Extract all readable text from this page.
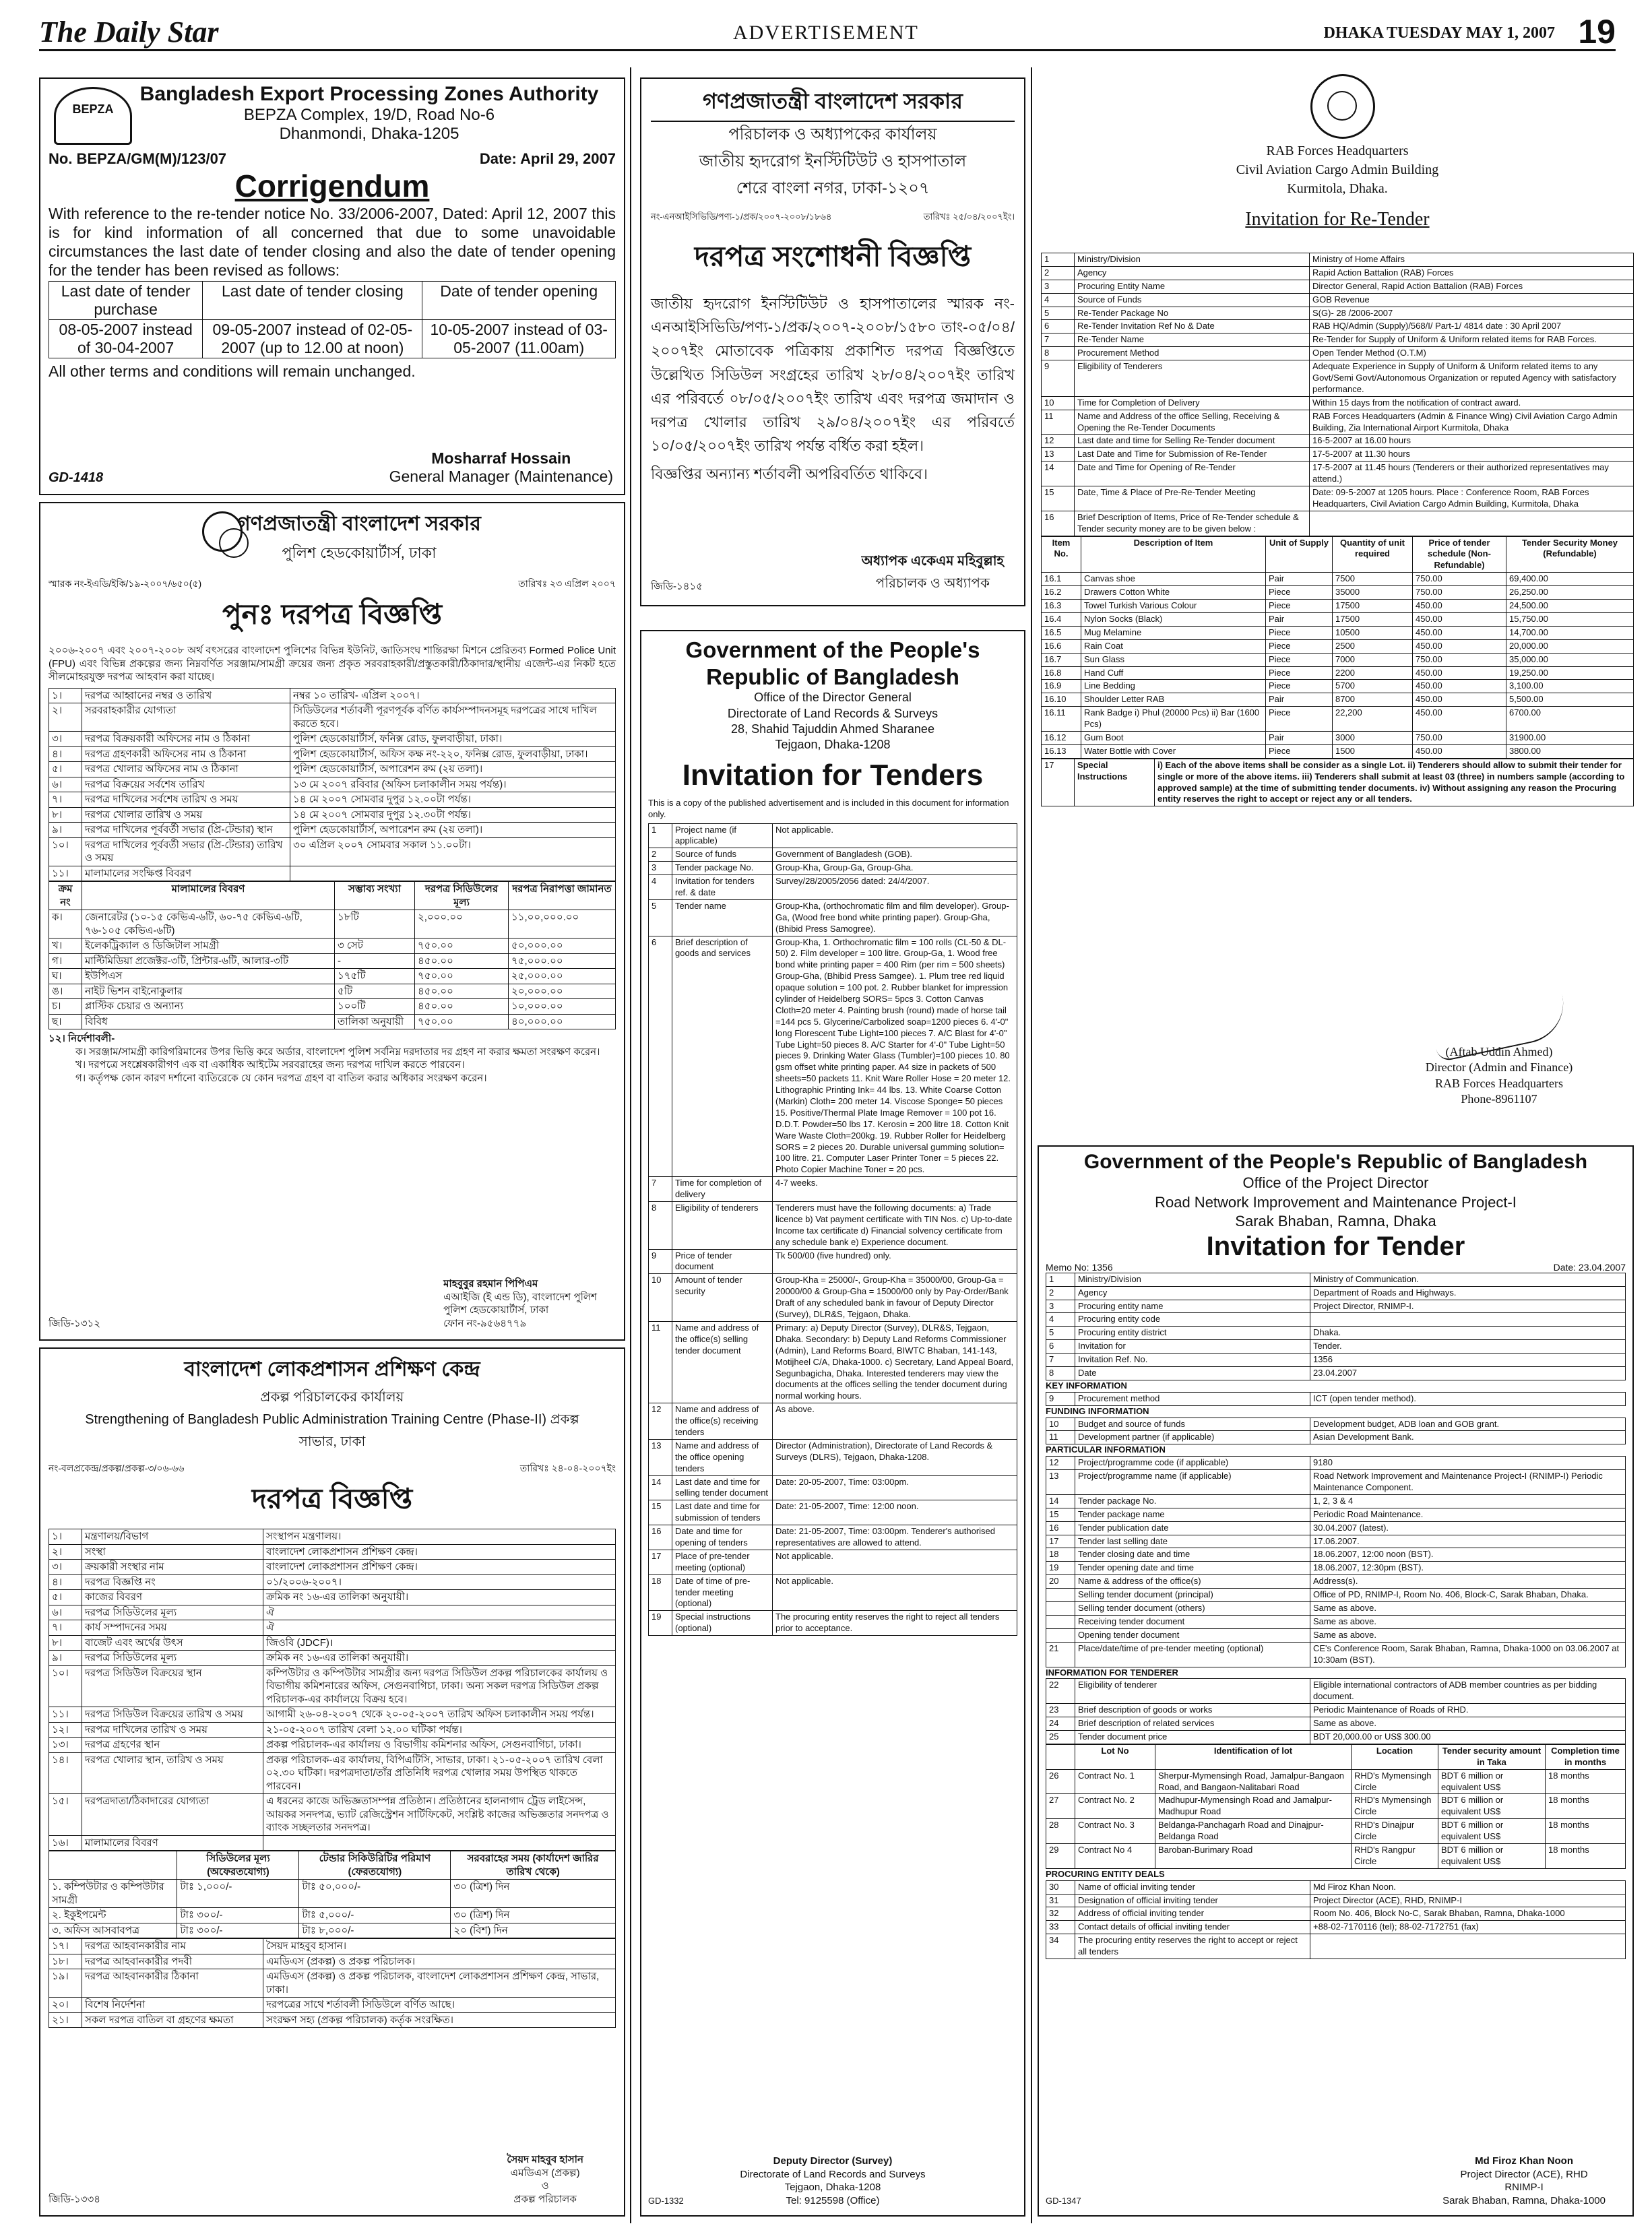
The Daily Star	ADVERTISEMENT	DHAKA TUESDAY MAY 1, 2007 19
BEPZA
Bangladesh Export Processing Zones Authority
BEPZA Complex, 19/D, Road No-6
Dhanmondi, Dhaka-1205
No. BEPZA/GM(M)/123/07	Date: April 29, 2007
Corrigendum
With reference to the re-tender notice No. 33/2006-2007, Dated: April 12, 2007 this is for kind information of all concerned that due to some unavoidable circumstances the last date of tender closing and also the date of tender opening for the tender has been revised as follows:
Last date of tender purchase	Last date of tender closing	Date of tender opening
08-05-2007 instead of 30-04-2007	09-05-2007 instead of 02-05-2007 (up to 12.00 at noon)	10-05-2007 instead of 03-05-2007 (11.00am)
All other terms and conditions will remain unchanged.
Mosharraf Hossain
General Manager (Maintenance)
GD-1418
গণপ্রজাতন্ত্রী বাংলাদেশ সরকার
পুলিশ হেডকোয়ার্টার্স, ঢাকা
স্মারক নং-ইএডি/ইকি/১৯-২০০৭/৬৫০(৫)	তারিখঃ ২৩ এপ্রিল ২০০৭
পুনঃ দরপত্র বিজ্ঞপ্তি
২০০৬-২০০৭ এবং ২০০৭-২০০৮ অর্থ বৎসরের বাংলাদেশ পুলিশের বিভিন্ন ইউনিট, জাতিসংঘ শান্তিরক্ষা মিশনে প্রেরিতব্য Formed Police Unit (FPU) এবং বিভিন্ন প্রকল্পের জন্য নিম্নবর্ণিত সরঞ্জাম/সামগ্রী ক্রয়ের জন্য প্রকৃত সরবরাহকারী/প্রস্তুতকারী/ঠিকাদার/স্থানীয় এজেন্ট-এর নিকট হতে সীলমোহরযুক্ত দরপত্র আহবান করা যাচ্ছে।
১।	দরপত্র আহ্বানের নম্বর ও তারিখ	নম্বর ১০ তারিখ- এপ্রিল ২০০৭।
২।	সরবরাহকারীর যোগ্যতা	সিডিউলের শর্তাবলী পূরণপূর্বক বর্ণিত কার্যসম্পাদনসমূহ দরপত্রের সাথে দাখিল করতে হবে।
৩।	দরপত্র বিক্রয়কারী অফিসের নাম ও ঠিকানা	পুলিশ হেডকোয়ার্টার্স, ফনিক্স রোড, ফুলবাড়ীয়া, ঢাকা।
৪।	দরপত্র গ্রহণকারী অফিসের নাম ও ঠিকানা	পুলিশ হেডকোয়ার্টার্স, অফিস কক্ষ নং-২২০, ফনিক্স রোড, ফুলবাড়ীয়া, ঢাকা।
৫।	দরপত্র খোলার অফিসের নাম ও ঠিকানা	পুলিশ হেডকোয়ার্টার্স, অপারেশন রুম (২য় তলা)।
৬।	দরপত্র বিক্রয়ের সর্বশেষ তারিখ	১৩ মে ২০০৭ রবিবার (অফিস চলাকালীন সময় পর্যন্ত)।
৭।	দরপত্র দাখিলের সর্বশেষ তারিখ ও সময়	১৪ মে ২০০৭ সোমবার দুপুর ১২.০০টা পর্যন্ত।
৮।	দরপত্র খোলার তারিখ ও সময়	১৪ মে ২০০৭ সোমবার দুপুর ১২.৩০টা পর্যন্ত।
৯।	দরপত্র দাখিলের পূর্ববর্তী সভার (প্রি-টেন্ডার) স্থান	পুলিশ হেডকোয়ার্টার্স, অপারেশন রুম (২য় তলা)।
১০।	দরপত্র দাখিলের পূর্ববর্তী সভার (প্রি-টেন্ডার) তারিখ ও সময়	৩০ এপ্রিল ২০০৭ সোমবার সকাল ১১.০০টা।
১১।	মালামালের সংক্ষিপ্ত বিবরণ	
ক্রম নং	মালামালের বিবরণ	সম্ভাব্য সংখ্যা	দরপত্র সিডিউলের মূল্য	দরপত্র নিরাপত্তা জামানত
ক।	জেনারেটর (১০-১৫ কেভিএ-৬টি, ৬০-৭৫ কেভিএ-৬টি, ৭৬-১০৫ কেভিএ-৬টি)	১৮টি	২,০০০.০০	১১,০০,০০০.০০
খ।	ইলেকট্রিক্যাল ও ডিজিটাল সামগ্রী	৩ সেট	৭৫০.০০	৫০,০০০.০০
গ।	মাল্টিমিডিয়া প্রজেক্টর-৩টি, প্রিন্টার-৬টি, আলার-৩টি	-	৪৫০.০০	৭৫,০০০.০০
ঘ।	ইউপিএস	১৭৫টি	৭৫০.০০	২৫,০০০.০০
ঙ।	নাইট ভিশন বাইনোকুলার	৫টি	৪৫০.০০	২০,০০০.০০
চ।	প্লাস্টিক চেয়ার ও অন্যান্য	১০০টি	৪৫০.০০	১০,০০০.০০
ছ।	বিবিধ	তালিকা অনুযায়ী	৭৫০.০০	৪০,০০০.০০
১২। নির্দেশাবলী-
ক। সরঞ্জাম/সামগ্রী কারিগরিমানের উপর ভিত্তি করে অর্ডার, বাংলাদেশ পুলিশ সর্বনিম্ন দরদাতার দর গ্রহণ না করার ক্ষমতা সংরক্ষণ করেন।
খ। দরপত্রে সংশ্লেষকারীগণ এক বা একাধিক আইটেম সরবরাহের জন্য দরপত্র দাখিল করতে পারবেন।
গ। কর্তৃপক্ষ কোন কারণ দর্শানো ব্যতিরেকে যে কোন দরপত্র গ্রহণ বা বাতিল করার অধিকার সংরক্ষণ করেন।
মাহবুবুর রহমান পিপিএম
এআইজি (ই এন্ড ডি), বাংলাদেশ পুলিশ
পুলিশ হেডকোয়ার্টার্স, ঢাকা
ফোন নং-৯৫৬৪৭৭৯
জিডি-১৩১২
বাংলাদেশ লোকপ্রশাসন প্রশিক্ষণ কেন্দ্র
প্রকল্প পরিচালকের কার্যালয়
Strengthening of Bangladesh Public Administration Training Centre (Phase-II) প্রকল্প
সাভার, ঢাকা
নং-বলপ্রকেন্দ্র/প্রকল্প/প্রকল্প-৩/০৬-৬৬	তারিখঃ ২৪-০৪-২০০৭ইং
দরপত্র বিজ্ঞপ্তি
১।	মন্ত্রণালয়/বিভাগ	সংস্থাপন মন্ত্রণালয়।
২।	সংস্থা	বাংলাদেশ লোকপ্রশাসন প্রশিক্ষণ কেন্দ্র।
৩।	ক্রয়কারী সংস্থার নাম	বাংলাদেশ লোকপ্রশাসন প্রশিক্ষণ কেন্দ্র।
৪।	দরপত্র বিজ্ঞপ্তি নং	০১/২০০৬-২০০৭।
৫।	কাজের বিবরণ	ক্রমিক নং ১৬-এর তালিকা অনুযায়ী।
৬।	দরপত্র সিডিউলের মূল্য	ঐ
৭।	কার্য সম্পাদনের সময়	ঐ
৮।	বাজেট এবং অর্থের উৎস	জিওবি (JDCF)।
৯।	দরপত্র সিডিউলের মূল্য	ক্রমিক নং ১৬-এর তালিকা অনুযায়ী।
১০।	দরপত্র সিডিউল বিক্রয়ের স্থান	কম্পিউটার ও কম্পিউটার সামগ্রীর জন্য দরপত্র সিডিউল প্রকল্প পরিচালকের কার্যালয় ও বিভাগীয় কমিশনারের অফিস, সেগুনবাগিচা, ঢাকা। অন্য সকল দরপত্র সিডিউল প্রকল্প পরিচালক-এর কার্যালয়ে বিক্রয় হবে।
১১।	দরপত্র সিডিউল বিক্রয়ের তারিখ ও সময়	আগামী ২৬-০৪-২০০৭ থেকে ২০-০৫-২০০৭ তারিখ অফিস চলাকালীন সময় পর্যন্ত।
১২।	দরপত্র দাখিলের তারিখ ও সময়	২১-০৫-২০০৭ তারিখ বেলা ১২.০০ ঘটিকা পর্যন্ত।
১৩।	দরপত্র গ্রহণের স্থান	প্রকল্প পরিচালক-এর কার্যালয় ও বিভাগীয় কমিশনার অফিস, সেগুনবাগিচা, ঢাকা।
১৪।	দরপত্র খোলার স্থান, তারিখ ও সময়	প্রকল্প পরিচালক-এর কার্যালয়, বিপিএটিসি, সাভার, ঢাকা। ২১-০৫-২০০৭ তারিখ বেলা ০২.৩০ ঘটিকা। দরপত্রদাতা/তাঁর প্রতিনিধি দরপত্র খোলার সময় উপস্থিত থাকতে পারবেন।
১৫।	দরপত্রদাতা/ঠিকাদারের যোগ্যতা	এ ধরনের কাজে অভিজ্ঞতাসম্পন্ন প্রতিষ্ঠান। প্রতিষ্ঠানের হালনাগাদ ট্রেড লাইসেন্স, আয়কর সনদপত্র, ভ্যাট রেজিস্ট্রেশন সার্টিফিকেট, সংশ্লিষ্ট কাজের অভিজ্ঞতার সনদপত্র ও ব্যাংক সচ্ছলতার সনদপত্র।
১৬।	মালামালের বিবরণ	
	সিডিউলের মূল্য (অফেরতযোগ্য)	টেন্ডার সিকিউরিটির পরিমাণ (ফেরতযোগ্য)	সরবরাহের সময় (কার্যাদেশ জারির তারিখ থেকে)
১. কম্পিউটার ও কম্পিউটার সামগ্রী	টাঃ ১,০০০/-	টাঃ ৫০,০০০/-	৩০ (ত্রিশ) দিন
২. ইকুইপমেন্ট	টাঃ ৩০০/-	টাঃ ৫,০০০/-	৩০ (ত্রিশ) দিন
৩. অফিস আসবাবপত্র	টাঃ ৩০০/-	টাঃ ৮,০০০/-	২০ (বিশ) দিন
১৭।	দরপত্র আহবানকারীর নাম	সৈয়দ মাহবুব হাসান।
১৮।	দরপত্র আহবানকারীর পদবী	এমডিএস (প্রকল্প) ও প্রকল্প পরিচালক।
১৯।	দরপত্র আহবানকারীর ঠিকানা	এমডিএস (প্রকল্প) ও প্রকল্প পরিচালক, বাংলাদেশ লোকপ্রশাসন প্রশিক্ষণ কেন্দ্র, সাভার, ঢাকা।
২০।	বিশেষ নির্দেশনা	দরপত্রের সাথে শর্তাবলী সিডিউলে বর্ণিত আছে।
২১।	সকল দরপত্র বাতিল বা গ্রহণের ক্ষমতা	সংরক্ষণ সহ্য (প্রকল্প পরিচালক) কর্তৃক সংরক্ষিত।
সৈয়দ মাহবুব হাসান
এমডিএস (প্রকল্প)
ও
প্রকল্প পরিচালক
জিডি-১৩৩৪
গণপ্রজাতন্ত্রী বাংলাদেশ সরকার
পরিচালক ও অধ্যাপকের কার্যালয়
জাতীয় হৃদরোগ ইনস্টিটিউট ও হাসপাতাল
শেরে বাংলা নগর, ঢাকা-১২০৭
নং-এনআইসিভিডি/পণ্য-১/প্রক/২০০৭-২০০৮/১৮৬৪	তারিখঃ ২৫/০৪/২০০৭ইং।
দরপত্র সংশোধনী বিজ্ঞপ্তি
জাতীয় হৃদরোগ ইনস্টিটিউট ও হাসপাতালের স্মারক নং-এনআইসিভিডি/পণ্য-১/প্রক/২০০৭-২০০৮/১৫৮০ তাং-০৫/০৪/ ২০০৭ইং মোতাবেক পত্রিকায় প্রকাশিত দরপত্র বিজ্ঞপ্তিতে উল্লেখিত সিডিউল সংগ্রহের তারিখ ২৮/০৪/২০০৭ইং তারিখ এর পরিবর্তে ০৮/০৫/২০০৭ইং তারিখ এবং দরপত্র জমাদান ও দরপত্র খোলার তারিখ ২৯/০৪/২০০৭ইং এর পরিবর্তে ১০/০৫/২০০৭ইং তারিখ পর্যন্ত বর্ধিত করা হইল।
বিজ্ঞপ্তির অন্যান্য শর্তাবলী অপরিবর্তিত থাকিবে।
অধ্যাপক একেএম মহিবুল্লাহ
পরিচালক ও অধ্যাপক
জিডি-১৪১৫
Government of the People's Republic of Bangladesh
Office of the Director General
Directorate of Land Records & Surveys
28, Shahid Tajuddin Ahmed Sharanee
Tejgaon, Dhaka-1208
Invitation for Tenders
This is a copy of the published advertisement and is included in this document for information only.
1	Project name (if applicable)	Not applicable.
2	Source of funds	Government of Bangladesh (GOB).
3	Tender package No.	Group-Kha, Group-Ga, Group-Gha.
4	Invitation for tenders ref. & date	Survey/28/2005/2056 dated: 24/4/2007.
5	Tender name	Group-Kha, (orthochromatic film and film developer). Group-Ga, (Wood free bond white printing paper). Group-Gha, (Bhibid Press Samogree).
6	Brief description of goods and services	Group-Kha, 1. Orthochromatic film = 100 rolls (CL-50 & DL-50) 2. Film developer = 100 litre. Group-Ga, 1. Wood free bond white printing paper = 400 Rim (per rim = 500 sheets) Group-Gha, (Bhibid Press Samgee). 1. Plum tree red liquid opaque solution = 100 pot. 2. Rubber blanket for impression cylinder of Heidelberg SORS= 5pcs 3. Cotton Canvas Cloth=20 meter 4. Painting brush (round) made of horse tail =144 pcs 5. Glycerine/Carbolized soap=1200 pieces 6. 4'-0" long Florescent Tube Light=100 pieces 7. A/C Blast for 4'-0" Tube Light=50 pieces 8. A/C Starter for 4'-0" Tube Light=50 pieces 9. Drinking Water Glass (Tumbler)=100 pieces 10. 80 gsm offset white printing paper. A4 size in packets of 500 sheets=50 packets 11. Knit Ware Roller Hose = 20 meter 12. Lithographic Printing Ink= 44 lbs. 13. White Coarse Cotton (Markin) Cloth= 200 meter 14. Viscose Sponge= 50 pieces 15. Positive/Thermal Plate Image Remover = 100 pot 16. D.D.T. Powder=50 lbs 17. Kerosin = 200 litre 18. Cotton Knit Ware Waste Cloth=200kg. 19. Rubber Roller for Heidelberg SORS = 2 pieces 20. Durable universal gumming solution= 100 litre. 21. Computer Laser Printer Toner = 5 pieces 22. Photo Copier Machine Toner = 20 pcs.
7	Time for completion of delivery	4-7 weeks.
8	Eligibility of tenderers	Tenderers must have the following documents: a) Trade licence b) Vat payment certificate with TIN Nos. c) Up-to-date Income tax certificate d) Financial solvency certificate from any schedule bank e) Experience document.
9	Price of tender document	Tk 500/00 (five hundred) only.
10	Amount of tender security	Group-Kha = 25000/-, Group-Kha = 35000/00, Group-Ga = 20000/00 & Group-Gha = 15000/00 only by Pay-Order/Bank Draft of any scheduled bank in favour of Deputy Director (Survey), DLR&S, Tejgaon, Dhaka.
11	Name and address of the office(s) selling tender document	Primary: a) Deputy Director (Survey), DLR&S, Tejgaon, Dhaka. Secondary: b) Deputy Land Reforms Commissioner (Admin), Land Reforms Board, BIWTC Bhaban, 141-143, Motijheel C/A, Dhaka-1000. c) Secretary, Land Appeal Board, Segunbagicha, Dhaka. Interested tenderers may view the documents at the offices selling the tender document during normal working hours.
12	Name and address of the office(s) receiving tenders	As above.
13	Name and address of the office opening tenders	Director (Administration), Directorate of Land Records & Surveys (DLRS), Tejgaon, Dhaka-1208.
14	Last date and time for selling tender document	Date: 20-05-2007, Time: 03:00pm.
15	Last date and time for submission of tenders	Date: 21-05-2007, Time: 12:00 noon.
16	Date and time for opening of tenders	Date: 21-05-2007, Time: 03:00pm. Tenderer's authorised representatives are allowed to attend.
17	Place of pre-tender meeting (optional)	Not applicable.
18	Date of time of pre-tender meeting (optional)	Not applicable.
19	Special instructions (optional)	The procuring entity reserves the right to reject all tenders prior to acceptance.
Deputy Director (Survey)
Directorate of Land Records and Surveys
Tejgaon, Dhaka-1208
Tel: 9125598 (Office)
GD-1332
RAB Forces Headquarters
Civil Aviation Cargo Admin Building
Kurmitola, Dhaka.
Invitation for Re-Tender
1	Ministry/Division	Ministry of Home Affairs
2	Agency	Rapid Action Battalion (RAB) Forces
3	Procuring Entity Name	Director General, Rapid Action Battalion (RAB) Forces
4	Source of Funds	GOB Revenue
5	Re-Tender Package No	S(G)- 28 /2006-2007
6	Re-Tender Invitation Ref No & Date	RAB HQ/Admin (Supply)/568/I/ Part-1/ 4814 date : 30 April 2007
7	Re-Tender Name	Re-Tender for Supply of Uniform & Uniform related items for RAB Forces.
8	Procurement Method	Open Tender Method (O.T.M)
9	Eligibility of Tenderers	Adequate Experience in Supply of Uniform & Uniform related items to any Govt/Semi Govt/Autonomous Organization or reputed Agency with satisfactory performance.
10	Time for Completion of Delivery	Within 15 days from the notification of contract award.
11	Name and Address of the office Selling, Receiving & Opening the Re-Tender Documents	RAB Forces Headquarters (Admin & Finance Wing) Civil Aviation Cargo Admin Building, Zia International Airport Kurmitola, Dhaka
12	Last date and time for Selling Re-Tender document	16-5-2007 at 16.00 hours
13	Last Date and Time for Submission of Re-Tender	17-5-2007 at 11.30 hours
14	Date and Time for Opening of Re-Tender	17-5-2007 at 11.45 hours (Tenderers or their authorized representatives may attend.)
15	Date, Time & Place of Pre-Re-Tender Meeting	Date: 09-5-2007 at 1205 hours. Place : Conference Room, RAB Forces Headquarters, Civil Aviation Cargo Admin Building, Kurmitola, Dhaka
16	Brief Description of Items, Price of Re-Tender schedule & Tender security money are to be given below :	
Item No.	Description of Item	Unit of Supply	Quantity of unit required	Price of tender schedule (Non-Refundable)	Tender Security Money (Refundable)
16.1	Canvas shoe	Pair	7500	750.00	69,400.00
16.2	Drawers Cotton White	Piece	35000	750.00	26,250.00
16.3	Towel Turkish Various Colour	Piece	17500	450.00	24,500.00
16.4	Nylon Socks (Black)	Pair	17500	450.00	15,750.00
16.5	Mug Melamine	Piece	10500	450.00	14,700.00
16.6	Rain Coat	Piece	2500	450.00	20,000.00
16.7	Sun Glass	Piece	7000	750.00	35,000.00
16.8	Hand Cuff	Piece	2200	450.00	19,250.00
16.9	Line Bedding	Piece	5700	450.00	3,100.00
16.10	Shoulder Letter RAB	Pair	8700	450.00	5,500.00
16.11	Rank Badge i) Phul (20000 Pcs) ii) Bar (1600 Pcs)	Piece	22,200	450.00	6700.00
16.12	Gum Boot	Pair	3000	750.00	31900.00
16.13	Water Bottle with Cover	Piece	1500	450.00	3800.00
17	Special Instructions	i) Each of the above items shall be consider as a single Lot. ii) Tenderers should allow to submit their tender for single or more of the above items. iii) Tenderers shall submit at least 03 (three) in numbers sample (according to approved sample) at the time of submitting tender documents. iv) Without assigning any reason the Procuring entity reserves the right to accept or reject any or all tenders.
(Aftab Uddin Ahmed)
Director (Admin and Finance)
RAB Forces Headquarters
Phone-8961107
Government of the People's Republic of Bangladesh
Office of the Project Director
Road Network Improvement and Maintenance Project-I
Sarak Bhaban, Ramna, Dhaka
Invitation for Tender
Memo No: 1356	Date: 23.04.2007
1	Ministry/Division	Ministry of Communication.
2	Agency	Department of Roads and Highways.
3	Procuring entity name	Project Director, RNIMP-I.
4	Procuring entity code	
5	Procuring entity district	Dhaka.
6	Invitation for	Tender.
7	Invitation Ref. No.	1356
8	Date	23.04.2007
KEY INFORMATION
9	Procurement method	ICT (open tender method).
FUNDING INFORMATION
10	Budget and source of funds	Development budget, ADB loan and GOB grant.
11	Development partner (if applicable)	Asian Development Bank.
PARTICULAR INFORMATION
12	Project/programme code (if applicable)	9180
13	Project/programme name (if applicable)	Road Network Improvement and Maintenance Project-I (RNIMP-I) Periodic Maintenance Component.
14	Tender package No.	1, 2, 3 & 4
15	Tender package name	Periodic Road Maintenance.
16	Tender publication date	30.04.2007 (latest).
17	Tender last selling date	17.06.2007.
18	Tender closing date and time	18.06.2007, 12:00 noon (BST).
19	Tender opening date and time	18.06.2007, 12:30pm (BST).
20	Name & address of the office(s)	Address(s).
	Selling tender document (principal)	Office of PD, RNIMP-I, Room No. 406, Block-C, Sarak Bhaban, Dhaka.
	Selling tender document (others)	Same as above.
	Receiving tender document	Same as above.
	Opening tender document	Same as above.
21	Place/date/time of pre-tender meeting (optional)	CE's Conference Room, Sarak Bhaban, Ramna, Dhaka-1000 on 03.06.2007 at 10:30am (BST).
INFORMATION FOR TENDERER
22	Eligibility of tenderer	Eligible international contractors of ADB member countries as per bidding document.
23	Brief description of goods or works	Periodic Maintenance of Roads of RHD.
24	Brief description of related services	Same as above.
25	Tender document price	BDT 20,000.00 or US$ 300.00
	Lot No	Identification of lot	Location	Tender security amount in Taka	Completion time in months
26	Contract No. 1	Sherpur-Mymensingh Road, Jamalpur-Bangaon Road, and Bangaon-Nalitabari Road	RHD's Mymensingh Circle	BDT 6 million or equivalent US$	18 months
27	Contract No. 2	Madhupur-Mymensingh Road and Jamalpur-Madhupur Road	RHD's Mymensingh Circle	BDT 6 million or equivalent US$	18 months
28	Contract No. 3	Beldanga-Panchagarh Road and Dinajpur-Beldanga Road	RHD's Dinajpur Circle	BDT 6 million or equivalent US$	18 months
29	Contract No 4	Baroban-Burimary Road	RHD's Rangpur Circle	BDT 6 million or equivalent US$	18 months
PROCURING ENTITY DEALS
30	Name of official inviting tender	Md Firoz Khan Noon.
31	Designation of official inviting tender	Project Director (ACE), RHD, RNIMP-I
32	Address of official inviting tender	Room No. 406, Block No-C, Sarak Bhaban, Ramna, Dhaka-1000
33	Contact details of official inviting tender	+88-02-7170116 (tel); 88-02-7172751 (fax)
34	The procuring entity reserves the right to accept or reject all tenders	
Md Firoz Khan Noon
Project Director (ACE), RHD
RNIMP-I
Sarak Bhaban, Ramna, Dhaka-1000
GD-1347
